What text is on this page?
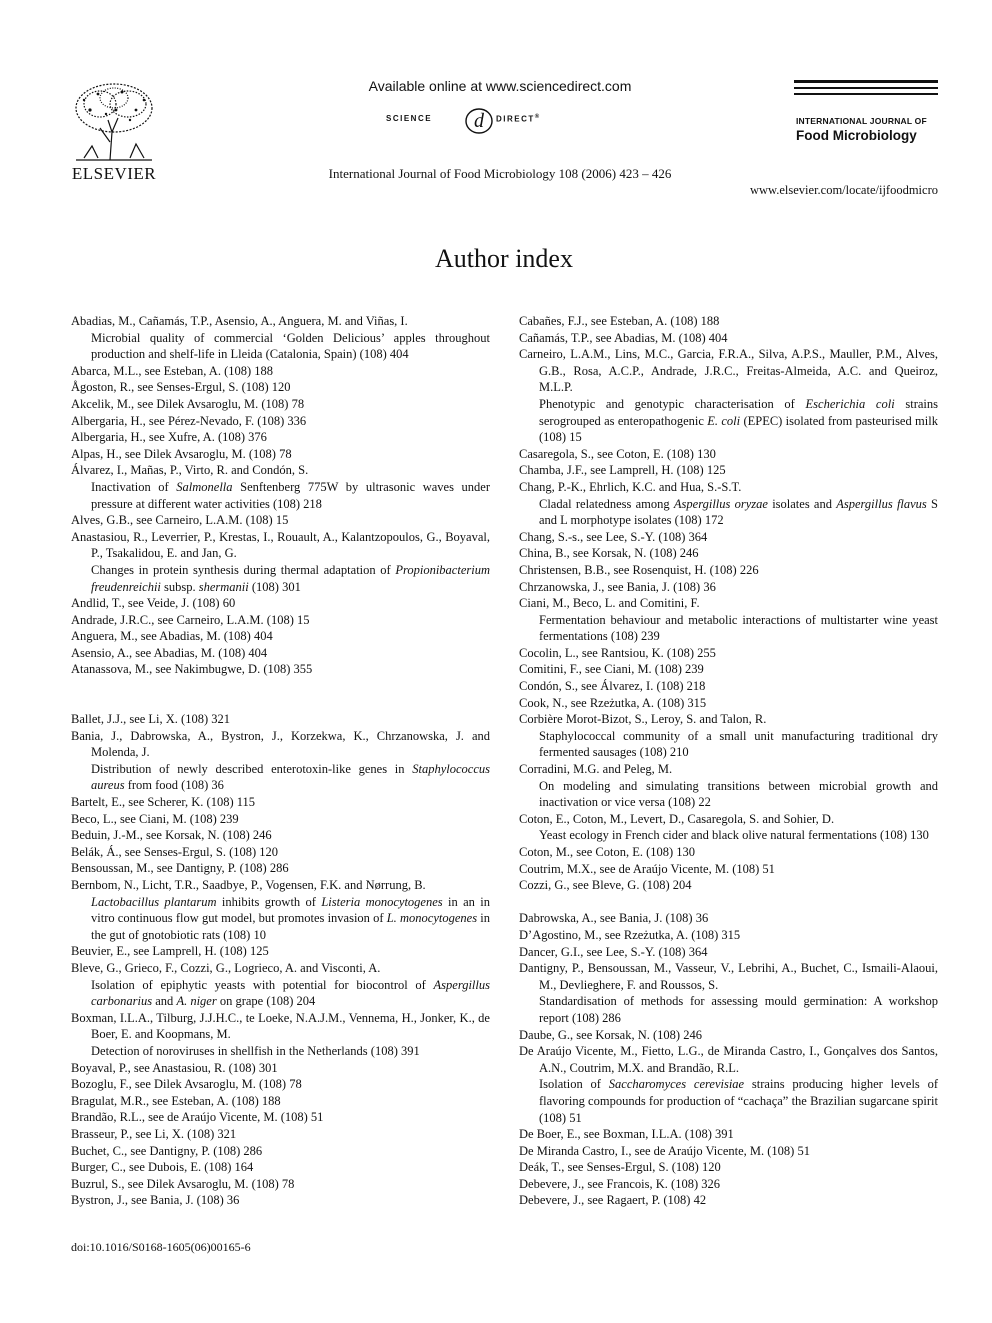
ELSEVIER
Available online at www.sciencedirect.com
SCIENCE d DIRECT®
International Journal of Food Microbiology 108 (2006) 423 – 426
INTERNATIONAL JOURNAL OF
Food Microbiology
www.elsevier.com/locate/ijfoodmicro
Author index
Abadias, M., Cañamás, T.P., Asensio, A., Anguera, M. and Viñas, I.
Microbial quality of commercial ‘Golden Delicious’ apples throughout production and shelf-life in Lleida (Catalonia, Spain) (108) 404
Abarca, M.L., see Esteban, A. (108) 188
Ågoston, R., see Senses-Ergul, S. (108) 120
Akcelik, M., see Dilek Avsaroglu, M. (108) 78
Albergaria, H., see Pérez-Nevado, F. (108) 336
Albergaria, H., see Xufre, A. (108) 376
Alpas, H., see Dilek Avsaroglu, M. (108) 78
Álvarez, I., Mañas, P., Virto, R. and Condón, S.
Inactivation of Salmonella Senftenberg 775W by ultrasonic waves under pressure at different water activities (108) 218
Alves, G.B., see Carneiro, L.A.M. (108) 15
Anastasiou, R., Leverrier, P., Krestas, I., Rouault, A., Kalantzopoulos, G., Boyaval, P., Tsakalidou, E. and Jan, G.
Changes in protein synthesis during thermal adaptation of Propionibacterium freudenreichii subsp. shermanii (108) 301
Andlid, T., see Veide, J. (108) 60
Andrade, J.R.C., see Carneiro, L.A.M. (108) 15
Anguera, M., see Abadias, M. (108) 404
Asensio, A., see Abadias, M. (108) 404
Atanassova, M., see Nakimbugwe, D. (108) 355
Ballet, J.J., see Li, X. (108) 321
Bania, J., Dabrowska, A., Bystron, J., Korzekwa, K., Chrzanowska, J. and Molenda, J.
Distribution of newly described enterotoxin-like genes in Staphylococcus aureus from food (108) 36
Bartelt, E., see Scherer, K. (108) 115
Beco, L., see Ciani, M. (108) 239
Beduin, J.-M., see Korsak, N. (108) 246
Belák, Á., see Senses-Ergul, S. (108) 120
Bensoussan, M., see Dantigny, P. (108) 286
Bernbom, N., Licht, T.R., Saadbye, P., Vogensen, F.K. and Nørrung, B.
Lactobacillus plantarum inhibits growth of Listeria monocytogenes in an in vitro continuous flow gut model, but promotes invasion of L. monocytogenes in the gut of gnotobiotic rats (108) 10
Beuvier, E., see Lamprell, H. (108) 125
Bleve, G., Grieco, F., Cozzi, G., Logrieco, A. and Visconti, A.
Isolation of epiphytic yeasts with potential for biocontrol of Aspergillus carbonarius and A. niger on grape (108) 204
Boxman, I.L.A., Tilburg, J.J.H.C., te Loeke, N.A.J.M., Vennema, H., Jonker, K., de Boer, E. and Koopmans, M.
Detection of noroviruses in shellfish in the Netherlands (108) 391
Boyaval, P., see Anastasiou, R. (108) 301
Bozoglu, F., see Dilek Avsaroglu, M. (108) 78
Bragulat, M.R., see Esteban, A. (108) 188
Brandão, R.L., see de Araújo Vicente, M. (108) 51
Brasseur, P., see Li, X. (108) 321
Buchet, C., see Dantigny, P. (108) 286
Burger, C., see Dubois, E. (108) 164
Buzrul, S., see Dilek Avsaroglu, M. (108) 78
Bystron, J., see Bania, J. (108) 36
Cabañes, F.J., see Esteban, A. (108) 188
Cañamás, T.P., see Abadias, M. (108) 404
Carneiro, L.A.M., Lins, M.C., Garcia, F.R.A., Silva, A.P.S., Mauller, P.M., Alves, G.B., Rosa, A.C.P., Andrade, J.R.C., Freitas-Almeida, A.C. and Queiroz, M.L.P.
Phenotypic and genotypic characterisation of Escherichia coli strains serogrouped as enteropathogenic E. coli (EPEC) isolated from pasteurised milk (108) 15
Casaregola, S., see Coton, E. (108) 130
Chamba, J.F., see Lamprell, H. (108) 125
Chang, P.-K., Ehrlich, K.C. and Hua, S.-S.T.
Cladal relatedness among Aspergillus oryzae isolates and Aspergillus flavus S and L morphotype isolates (108) 172
Chang, S.-s., see Lee, S.-Y. (108) 364
China, B., see Korsak, N. (108) 246
Christensen, B.B., see Rosenquist, H. (108) 226
Chrzanowska, J., see Bania, J. (108) 36
Ciani, M., Beco, L. and Comitini, F.
Fermentation behaviour and metabolic interactions of multistarter wine yeast fermentations (108) 239
Cocolin, L., see Rantsiou, K. (108) 255
Comitini, F., see Ciani, M. (108) 239
Condón, S., see Álvarez, I. (108) 218
Cook, N., see Rzeżutka, A. (108) 315
Corbière Morot-Bizot, S., Leroy, S. and Talon, R.
Staphylococcal community of a small unit manufacturing traditional dry fermented sausages (108) 210
Corradini, M.G. and Peleg, M.
On modeling and simulating transitions between microbial growth and inactivation or vice versa (108) 22
Coton, E., Coton, M., Levert, D., Casaregola, S. and Sohier, D.
Yeast ecology in French cider and black olive natural fermentations (108) 130
Coton, M., see Coton, E. (108) 130
Coutrim, M.X., see de Araújo Vicente, M. (108) 51
Cozzi, G., see Bleve, G. (108) 204
Dabrowska, A., see Bania, J. (108) 36
D’Agostino, M., see Rzeżutka, A. (108) 315
Dancer, G.I., see Lee, S.-Y. (108) 364
Dantigny, P., Bensoussan, M., Vasseur, V., Lebrihi, A., Buchet, C., Ismaili-Alaoui, M., Devlieghere, F. and Roussos, S.
Standardisation of methods for assessing mould germination: A workshop report (108) 286
Daube, G., see Korsak, N. (108) 246
De Araújo Vicente, M., Fietto, L.G., de Miranda Castro, I., Gonçalves dos Santos, A.N., Coutrim, M.X. and Brandão, R.L.
Isolation of Saccharomyces cerevisiae strains producing higher levels of flavoring compounds for production of “cachaça” the Brazilian sugarcane spirit (108) 51
De Boer, E., see Boxman, I.L.A. (108) 391
De Miranda Castro, I., see de Araújo Vicente, M. (108) 51
Deák, T., see Senses-Ergul, S. (108) 120
Debevere, J., see Francois, K. (108) 326
Debevere, J., see Ragaert, P. (108) 42
doi:10.1016/S0168-1605(06)00165-6
